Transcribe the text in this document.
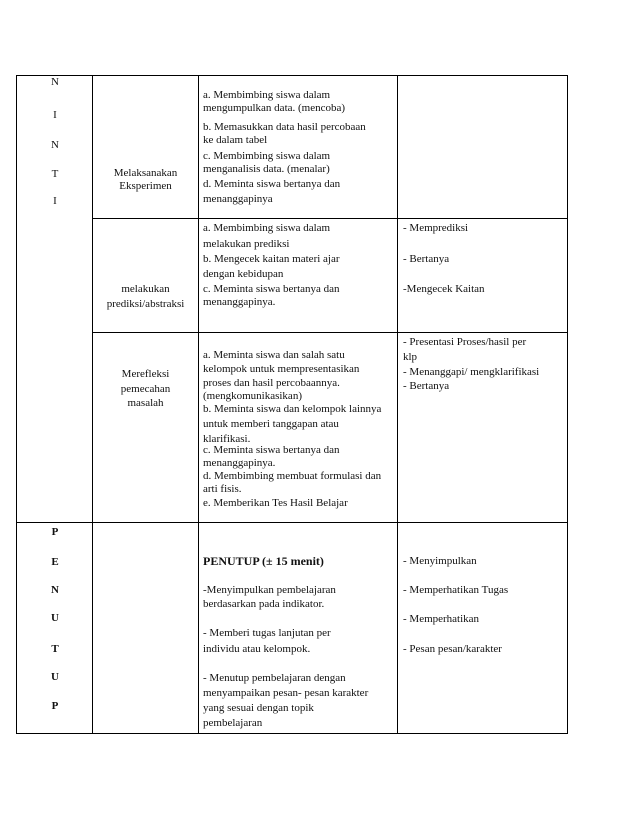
N
I
N
T
I
Melaksanakan
Eksperimen
a. Membimbing siswa dalam
mengumpulkan data. (mencoba)
b. Memasukkan data hasil percobaan
ke dalam tabel
c. Membimbing siswa dalam
menganalisis data. (menalar)
d. Meminta siswa bertanya dan
menanggapinya
melakukan
prediksi/abstraksi
a. Membimbing siswa dalam
melakukan prediksi
b. Mengecek kaitan materi ajar
dengan kebidupan
c. Meminta siswa bertanya dan
menanggapinya.
- Memprediksi
- Bertanya
-Mengecek Kaitan
Merefleksi
pemecahan
masalah
a. Meminta siswa dan salah satu
kelompok untuk mempresentasikan
proses dan hasil percobaannya.
(mengkomunikasikan)
b. Meminta siswa dan kelompok lainnya
untuk memberi tanggapan atau
klarifikasi.
c. Meminta siswa bertanya dan
menanggapinya.
d. Membimbing membuat formulasi dan
arti fisis.
e. Memberikan Tes Hasil Belajar
- Presentasi Proses/hasil per
klp
- Menanggapi/ mengklarifikasi
- Bertanya
P
E
N
U
T
U
P
PENUTUP (± 15 menit)
-Menyimpulkan pembelajaran
berdasarkan pada indikator.
- Memberi tugas lanjutan per
individu atau kelompok.
- Menutup pembelajaran dengan
menyampaikan pesan- pesan karakter
yang sesuai dengan topik
pembelajaran
- Menyimpulkan
- Memperhatikan Tugas
- Memperhatikan
- Pesan pesan/karakter
